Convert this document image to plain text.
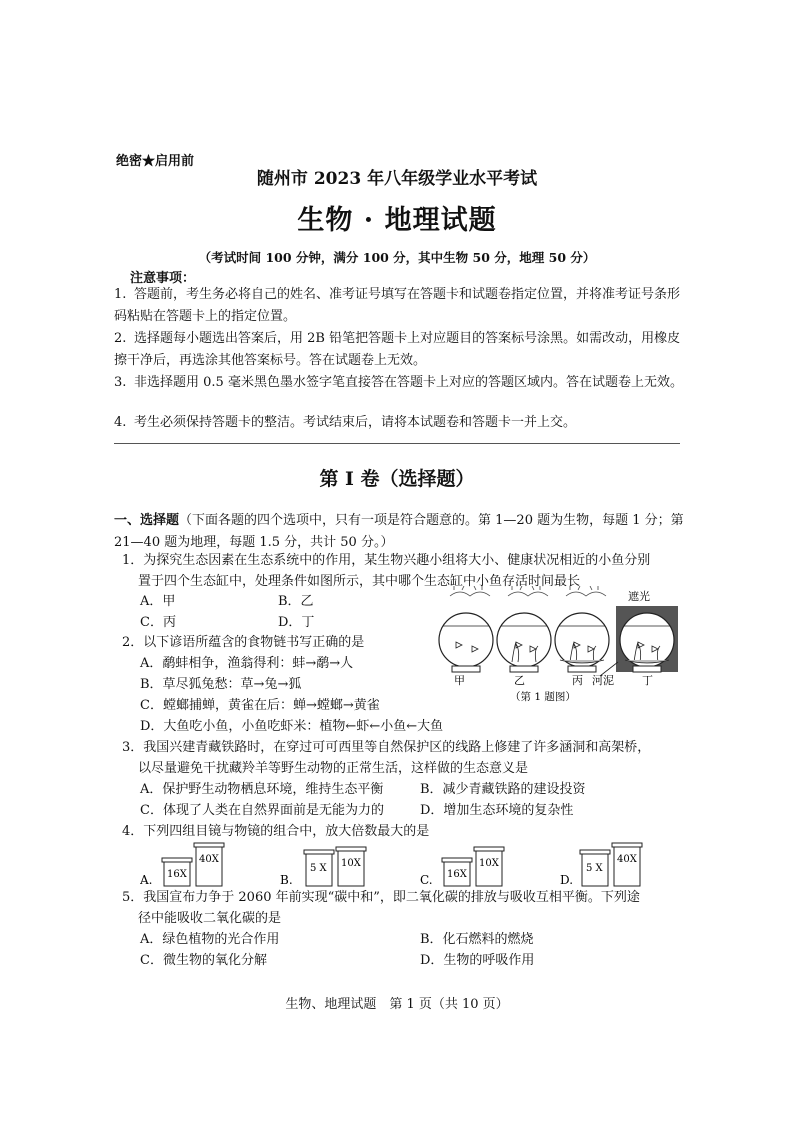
绝密★启用前
随州市 2023 年八年级学业水平考试
生物 · 地理试题
（考试时间 100 分钟，满分 100 分，其中生物 50 分，地理 50 分）
注意事项：
1. 答题前，考生务必将自己的姓名、准考证号填写在答题卡和试题卷指定位置，并将准考证号条形码粘贴在答题卡上的指定位置。
2. 选择题每小题选出答案后，用 2B 铅笔把答题卡上对应题目的答案标号涂黑。如需改动，用橡皮擦干净后，再选涂其他答案标号。答在试题卷上无效。
3. 非选择题用 0.5 毫米黑色墨水签字笔直接答在答题卡上对应的答题区域内。答在试题卷上无效。
4. 考生必须保持答题卡的整洁。考试结束后，请将本试题卷和答题卡一并上交。
第 I 卷（选择题）
一、选择题（下面各题的四个选项中，只有一项是符合题意的。第 1—20 题为生物，每题 1 分；第 21—40 题为地理，每题 1.5 分，共计 50 分。）
1．为探究生态因素在生态系统中的作用，某生物兴趣小组将大小、健康状况相近的小鱼分别
置于四个生态缸中，处理条件如图所示，其中哪个生态缸中小鱼存活时间最长
A．甲	B．乙
C．丙	D．丁
遮光
甲	乙	丙 河泥	丁
（第 1 题图）
2．以下谚语所蕴含的食物链书写正确的是
A．鹬蚌相争，渔翁得利：蚌→鹬→人
B．草尽狐兔愁：草→兔→狐
C．螳螂捕蝉，黄雀在后：蝉→螳螂→黄雀
D．大鱼吃小鱼，小鱼吃虾米：植物←虾←小鱼←大鱼
3．我国兴建青藏铁路时，在穿过可可西里等自然保护区的线路上修建了许多涵洞和高架桥，
以尽量避免干扰藏羚羊等野生动物的正常生活，这样做的生态意义是
A．保护野生动物栖息环境，维持生态平衡	B．减少青藏铁路的建设投资
C．体现了人类在自然界面前是无能为力的	D．增加生态环境的复杂性
4．下列四组目镜与物镜的组合中，放大倍数最大的是
A.	B.	C.	D.
16X
40X
5 X 10X
16X
10X	5 X
40X
5．我国宣布力争于 2060 年前实现“碳中和”，即二氧化碳的排放与吸收互相平衡。下列途
径中能吸收二氧化碳的是
A．绿色植物的光合作用	B．化石燃料的燃烧
C．微生物的氧化分解	D．生物的呼吸作用
生物、地理试题　第 1 页（共 10 页）
